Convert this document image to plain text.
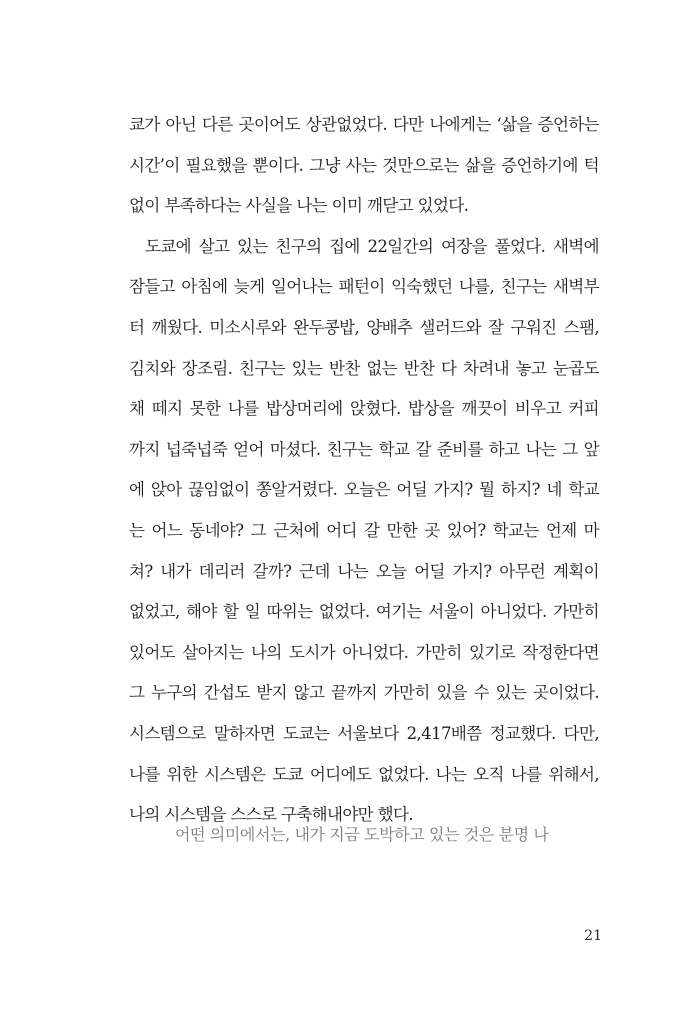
쿄가 아닌 다른 곳이어도 상관없었다. 다만 나에게는 ‘삶을 증언하는
시간’이 필요했을 뿐이다. 그냥 사는 것만으로는 삶을 증언하기에 턱
없이 부족하다는 사실을 나는 이미 깨닫고 있었다.
도쿄에 살고 있는 친구의 집에 22일간의 여장을 풀었다. 새벽에
잠들고 아침에 늦게 일어나는 패턴이 익숙했던 나를, 친구는 새벽부
터 깨웠다. 미소시루와 완두콩밥, 양배추 샐러드와 잘 구워진 스팸,
김치와 장조림. 친구는 있는 반찬 없는 반찬 다 차려내 놓고 눈곱도
채 떼지 못한 나를 밥상머리에 앉혔다. 밥상을 깨끗이 비우고 커피
까지 넙죽넙죽 얻어 마셨다. 친구는 학교 갈 준비를 하고 나는 그 앞
에 앉아 끊임없이 쫑알거렸다. 오늘은 어딜 가지? 뭘 하지? 네 학교
는 어느 동네야? 그 근처에 어디 갈 만한 곳 있어? 학교는 언제 마
쳐? 내가 데리러 갈까? 근데 나는 오늘 어딜 가지? 아무런 계획이
없었고, 해야 할 일 따위는 없었다. 여기는 서울이 아니었다. 가만히
있어도 살아지는 나의 도시가 아니었다. 가만히 있기로 작정한다면
그 누구의 간섭도 받지 않고 끝까지 가만히 있을 수 있는 곳이었다.
시스템으로 말하자면 도쿄는 서울보다 2,417배쯤 정교했다. 다만,
나를 위한 시스템은 도쿄 어디에도 없었다. 나는 오직 나를 위해서,
나의 시스템을 스스로 구축해내야만 했다.
어떤 의미에서는, 내가 지금 도박하고 있는 것은 분명 나
21
